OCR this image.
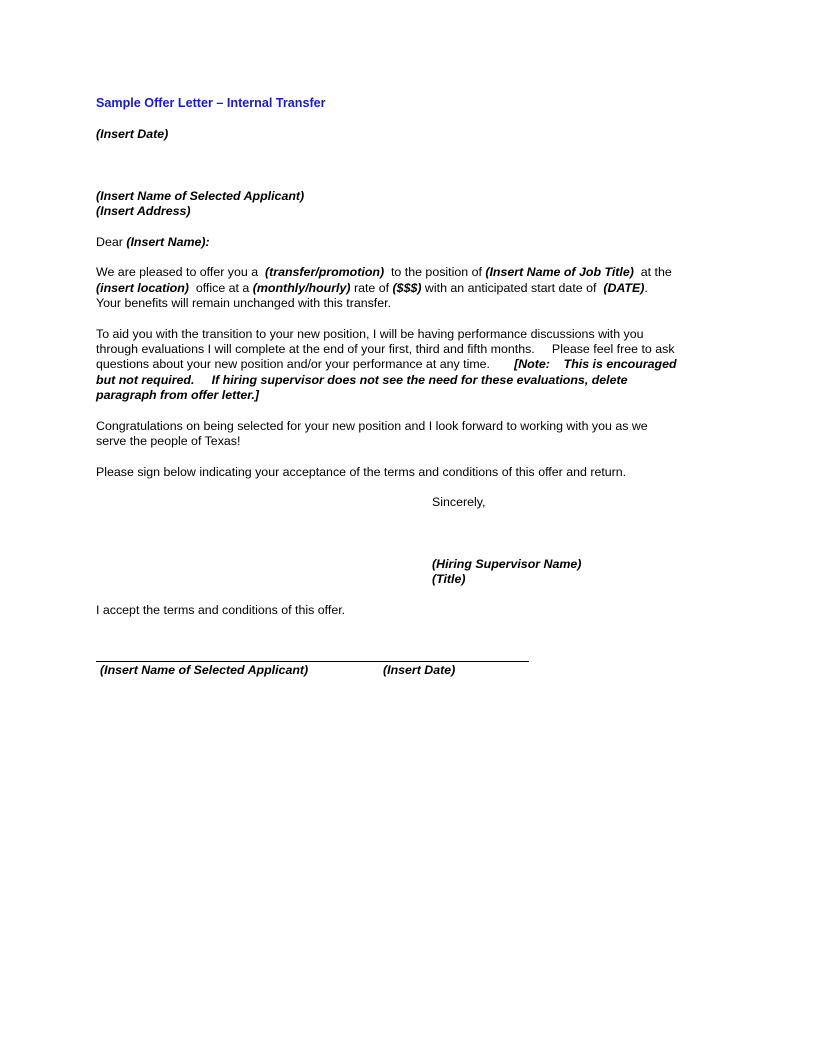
Sample Offer Letter – Internal Transfer
(Insert Date)
(Insert Name of Selected Applicant)
(Insert Address)
Dear (Insert Name):
We are pleased to offer you a  (transfer/promotion)  to the position of (Insert Name of Job Title)  at the
(insert location)  office at a (monthly/hourly) rate of ($$$) with an anticipated start date of  (DATE).
Your benefits will remain unchanged with this transfer.
To aid you with the transition to your new position, I will be having performance discussions with you
through evaluations I will complete at the end of your first, third and fifth months.     Please feel free to ask
questions about your new position and/or your performance at any time.       [Note:    This is encouraged
but not required.     If hiring supervisor does not see the need for these evaluations, delete
paragraph from offer letter.]
Congratulations on being selected for your new position and I look forward to working with you as we
serve the people of Texas!
Please sign below indicating your acceptance of the terms and conditions of this offer and return.
Sincerely,
(Hiring Supervisor Name)
(Title)
I accept the terms and conditions of this offer.
(Insert Name of Selected Applicant)	(Insert Date)
